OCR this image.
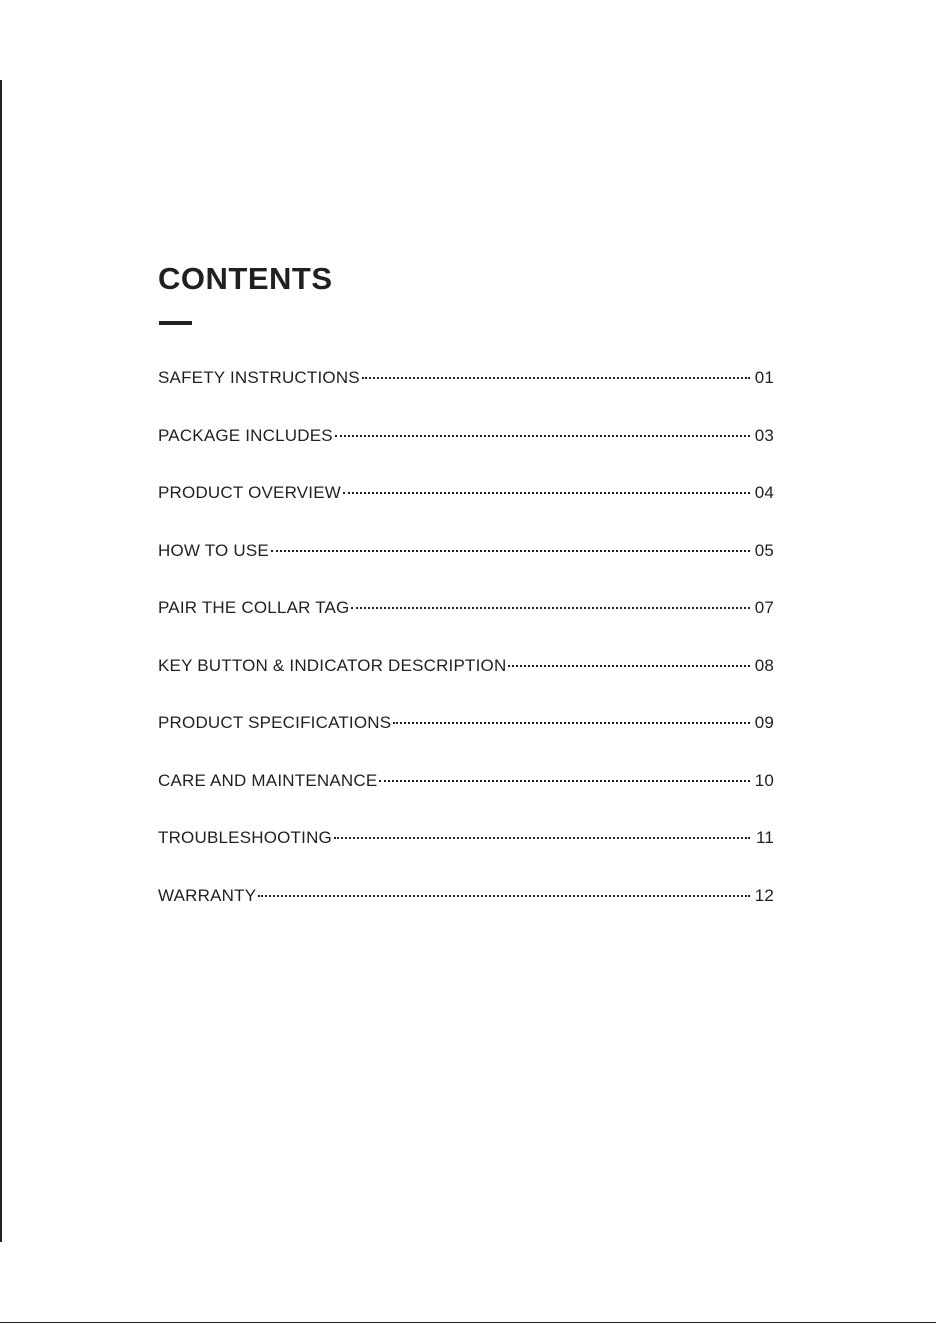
CONTENTS
SAFETY INSTRUCTIONS	01
PACKAGE INCLUDES	03
PRODUCT OVERVIEW	04
HOW TO USE	05
PAIR THE COLLAR TAG	07
KEY BUTTON & INDICATOR DESCRIPTION	08
PRODUCT SPECIFICATIONS	09
CARE AND MAINTENANCE	10
TROUBLESHOOTING	11
WARRANTY	12
